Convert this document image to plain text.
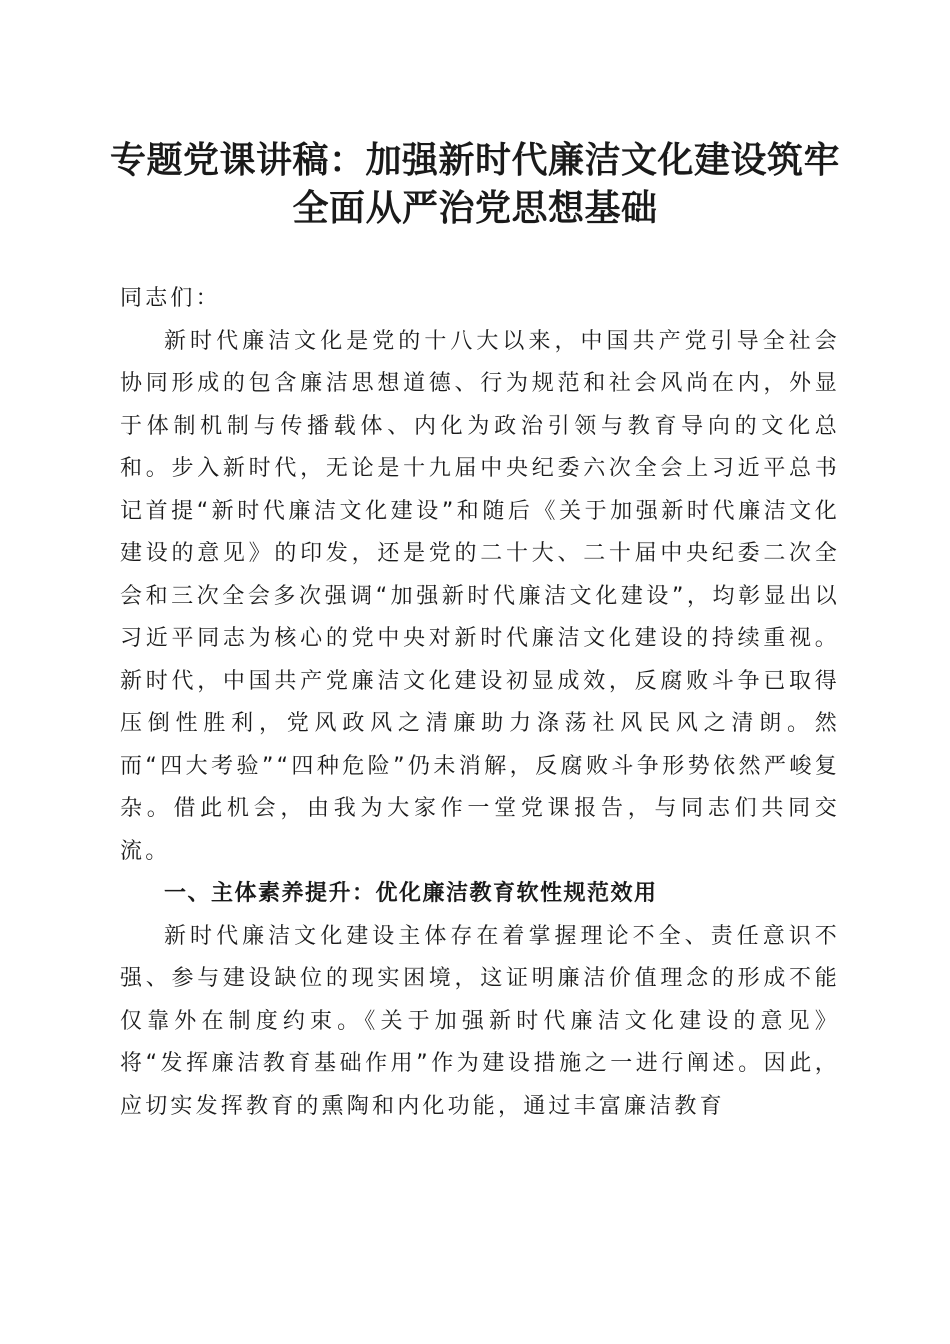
专题党课讲稿：加强新时代廉洁文化建设筑牢
全面从严治党思想基础

同志们：

新时代廉洁文化是党的十八大以来，中国共产党引导全社会协同形成的包含廉洁思想道德、行为规范和社会风尚在内，外显于体制机制与传播载体、内化为政治引领与教育导向的文化总和。步入新时代，无论是十九届中央纪委六次全会上习近平总书记首提“新时代廉洁文化建设”和随后《关于加强新时代廉洁文化建设的意见》的印发，还是党的二十大、二十届中央纪委二次全会和三次全会多次强调“加强新时代廉洁文化建设”，均彰显出以习近平同志为核心的党中央对新时代廉洁文化建设的持续重视。新时代，中国共产党廉洁文化建设初显成效，反腐败斗争已取得压倒性胜利，党风政风之清廉助力涤荡社风民风之清朗。然而“四大考验”“四种危险”仍未消解，反腐败斗争形势依然严峻复杂。借此机会，由我为大家作一堂党课报告，与同志们共同交流。

一、主体素养提升：优化廉洁教育软性规范效用

新时代廉洁文化建设主体存在着掌握理论不全、责任意识不强、参与建设缺位的现实困境，这证明廉洁价值理念的形成不能仅靠外在制度约束。《关于加强新时代廉洁文化建设的意见》将“发挥廉洁教育基础作用”作为建设措施之一进行阐述。因此，应切实发挥教育的熏陶和内化功能，通过丰富廉洁教育
